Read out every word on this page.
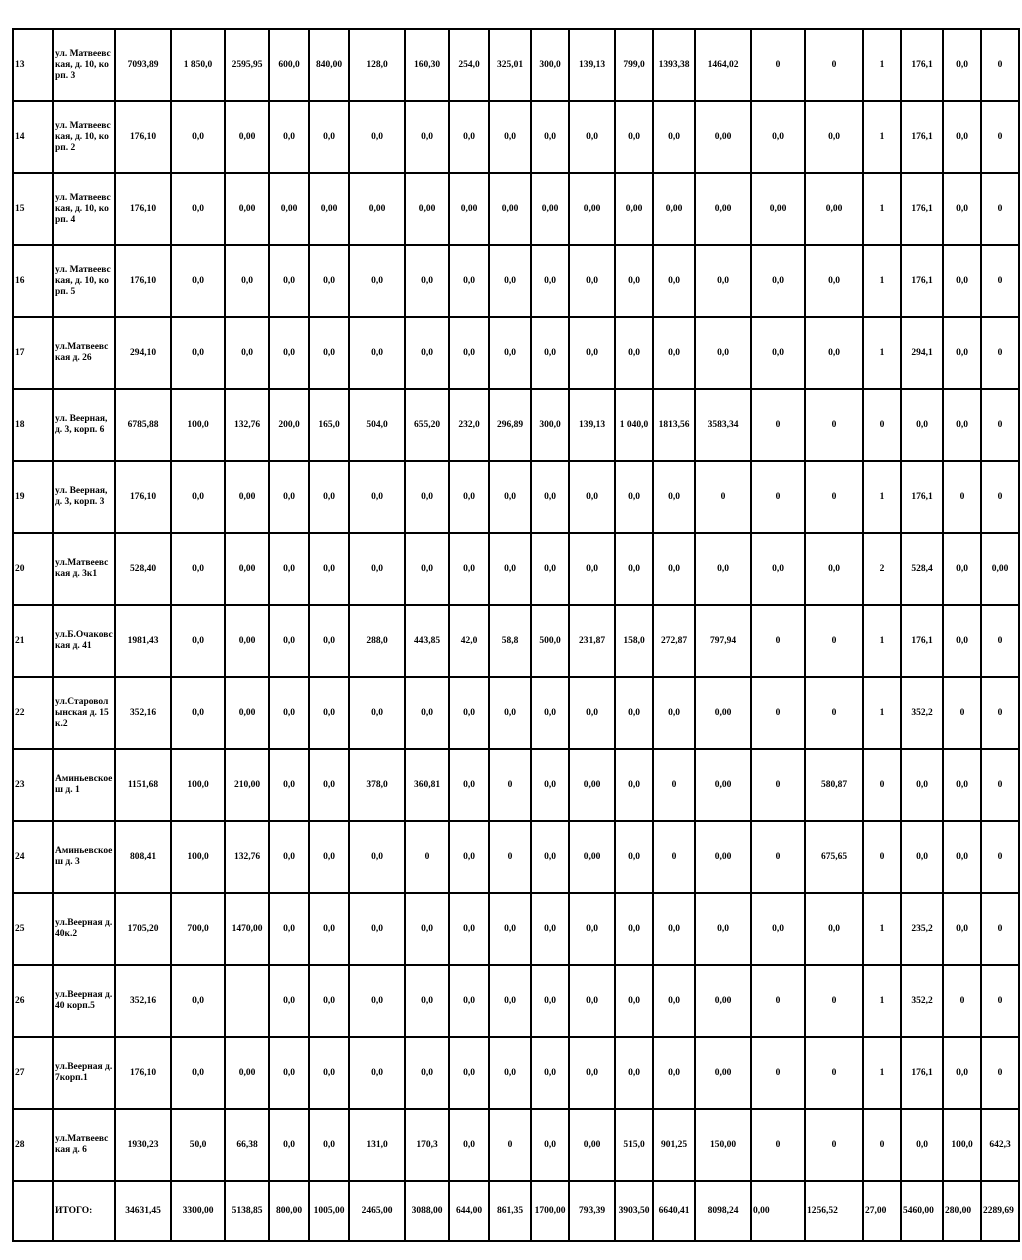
13	ул. Матвеевская, д. 10, корп. 3	7093,89	1 850,0	2595,95	600,0	840,00	128,0	160,30	254,0	325,01	300,0	139,13	799,0	1393,38	1464,02	0	0	1	176,1	0,0	0
14	ул. Матвеевская, д. 10, корп. 2	176,10	0,0	0,00	0,0	0,0	0,0	0,0	0,0	0,0	0,0	0,0	0,0	0,0	0,00	0,0	0,0	1	176,1	0,0	0
15	ул. Матвеевская, д. 10, корп. 4	176,10	0,0	0,00	0,00	0,00	0,00	0,00	0,00	0,00	0,00	0,00	0,00	0,00	0,00	0,00	0,00	1	176,1	0,0	0
16	ул. Матвеевская, д. 10, корп. 5	176,10	0,0	0,0	0,0	0,0	0,0	0,0	0,0	0,0	0,0	0,0	0,0	0,0	0,0	0,0	0,0	1	176,1	0,0	0
17	ул.Матвеевская д. 26	294,10	0,0	0,0	0,0	0,0	0,0	0,0	0,0	0,0	0,0	0,0	0,0	0,0	0,0	0,0	0,0	1	294,1	0,0	0
18	ул. Веерная, д. 3, корп. 6	6785,88	100,0	132,76	200,0	165,0	504,0	655,20	232,0	296,89	300,0	139,13	1 040,0	1813,56	3583,34	0	0	0	0,0	0,0	0
19	ул. Веерная, д. 3, корп. 3	176,10	0,0	0,00	0,0	0,0	0,0	0,0	0,0	0,0	0,0	0,0	0,0	0,0	0	0	0	1	176,1	0	0
20	ул.Матвеевская д. 3к1	528,40	0,0	0,00	0,0	0,0	0,0	0,0	0,0	0,0	0,0	0,0	0,0	0,0	0,0	0,0	0,0	2	528,4	0,0	0,00
21	ул.Б.Очаковская д. 41	1981,43	0,0	0,00	0,0	0,0	288,0	443,85	42,0	58,8	500,0	231,87	158,0	272,87	797,94	0	0	1	176,1	0,0	0
22	ул.Староволынская д. 15к.2	352,16	0,0	0,00	0,0	0,0	0,0	0,0	0,0	0,0	0,0	0,0	0,0	0,0	0,00	0	0	1	352,2	0	0
23	Аминьевское ш д. 1	1151,68	100,0	210,00	0,0	0,0	378,0	360,81	0,0	0	0,0	0,00	0,0	0	0,00	0	580,87	0	0,0	0,0	0
24	Аминьевское ш д. 3	808,41	100,0	132,76	0,0	0,0	0,0	0	0,0	0	0,0	0,00	0,0	0	0,00	0	675,65	0	0,0	0,0	0
25	ул.Веерная д. 40к.2	1705,20	700,0	1470,00	0,0	0,0	0,0	0,0	0,0	0,0	0,0	0,0	0,0	0,0	0,0	0,0	0,0	1	235,2	0,0	0
26	ул.Веерная д. 40 корп.5	352,16	0,0		0,0	0,0	0,0	0,0	0,0	0,0	0,0	0,0	0,0	0,0	0,00	0	0	1	352,2	0	0
27	ул.Веерная д. 7корп.1	176,10	0,0	0,00	0,0	0,0	0,0	0,0	0,0	0,0	0,0	0,0	0,0	0,0	0,00	0	0	1	176,1	0,0	0
28	ул.Матвеевская д. 6	1930,23	50,0	66,38	0,0	0,0	131,0	170,3	0,0	0	0,0	0,00	515,0	901,25	150,00	0	0	0	0,0	100,0	642,3
	ИТОГО:	34631,45	3300,00	5138,85	800,00	1005,00	2465,00	3088,00	644,00	861,35	1700,00	793,39	3903,50	6640,41	8098,24	0,00	1256,52	27,00	5460,00	280,00	2289,69
